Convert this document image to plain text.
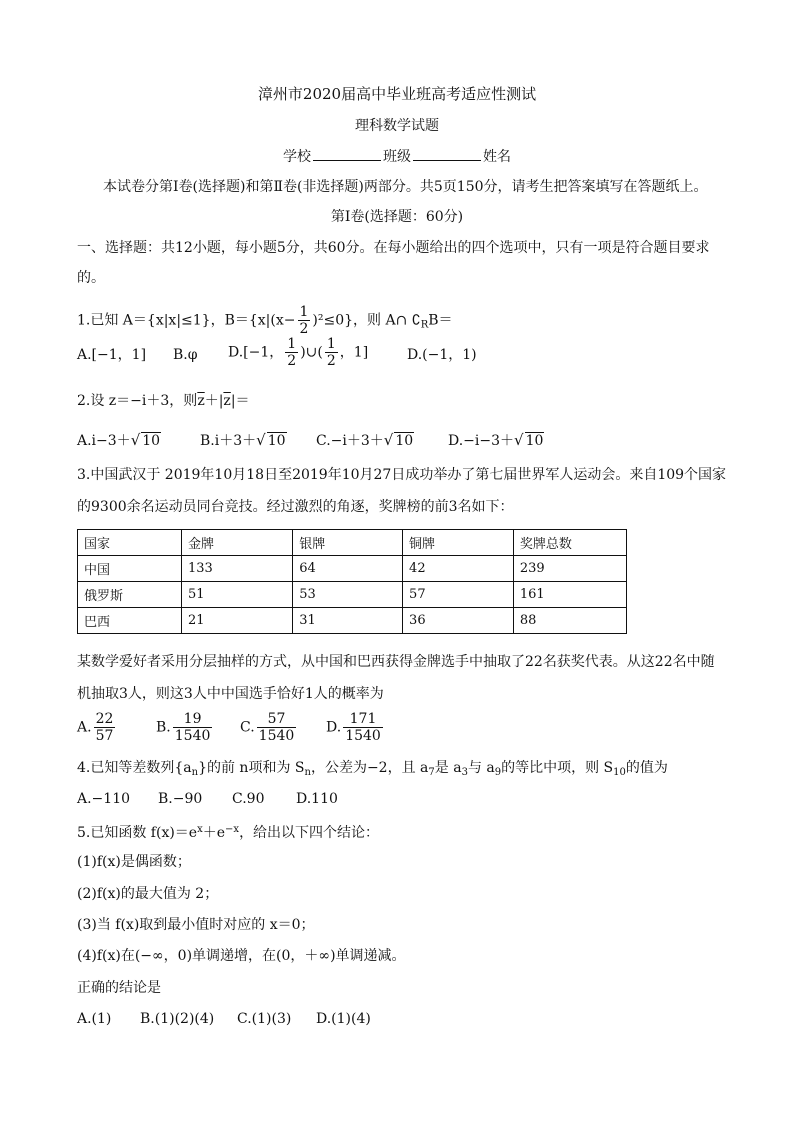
漳州市2020届高中毕业班高考适应性测试
理科数学试题
学校	班级	姓名
本试卷分第Ⅰ卷(选择题)和第Ⅱ卷(非选择题)两部分。共5页150分，请考生把答案填写在答题纸上。
第Ⅰ卷(选择题：60分)
一、选择题：共12小题，每小题5分，共60分。在每小题给出的四个选项中，只有一项是符合题目要求
的。
1.已知 A＝{x|x|≤1}，$B=\{x|(x- \frac{1}{2} )^2\le 0\}$，则 A∩ $∁_RB=$
A.[−1，1] B.φ D.[−1， $\frac{1}{2}$ )∪( $\frac{1}{2}$ ，1]	D.(−1，1)
2.设 z＝−i＋3，则$\overline{z}+|\overline{z}|=$
A.i−3＋√ 10	B.i＋3＋√ 10 C.−i＋3＋√ 10 D.−i−3＋√ 10
3.中国武汉于 2019年10月18日至2019年10月27日成功举办了第七届世界军人运动会。来自109个国家
的9300余名运动员同台竞技。经过激烈的角逐，奖牌榜的前3名如下：
国家	金牌	银牌	铜牌	奖牌总数
中国	133	64	42	239
俄罗斯	51	53	57	161
巴西	21	31	36	88
某数学爱好者采用分层抽样的方式，从中国和巴西获得金牌选手中抽取了22名获奖代表。从这22名中随
机抽取3人，则这3人中中国选手恰好1人的概率为
A. $\frac{22}{57}$	B. $\frac{19}{1540} C$. $\frac{57}{1540} D$. $\frac{171}{1540}$
4.已知等差数列$\{a_n\}$的前 n项和为 $S_n$，公差为−2，且 $a_7$是 $a_3$与 $a_9$的等比中项，则 $S_{10}$的值为
A.−110 B.−90 C.90 D.110
5.已知函数 $f(x)=e^x+e^{-x}$，给出以下四个结论：
(1)f(x)是偶函数；
(2)f(x)的最大值为 2；
(3)当 f(x)取到最小值时对应的 x＝0；
(4)f(x)在(−∞，0)单调递增，在(0，＋∞)单调递减。
正确的结论是
A.(1) B.(1)(2)(4) C.(1)(3) D.(1)(4)
